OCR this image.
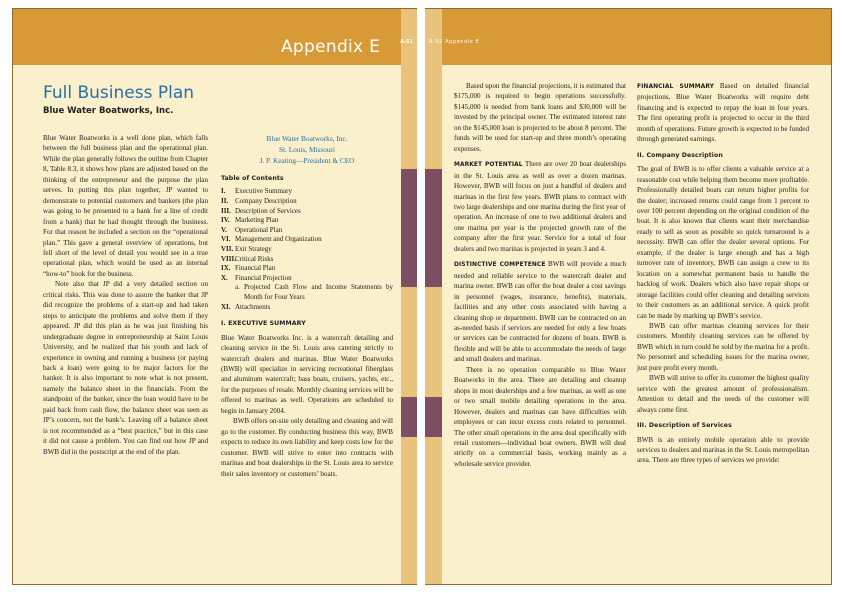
Appendix E	A-51
Full Business Plan
Blue Water Boatworks, Inc.

Blue Water Boatworks is a well done plan, which falls between the full business plan and the operational plan. While the plan generally follows the outline from Chapter 8, Table 8.3, it shows how plans are adjusted based on the thinking of the entrepreneur and the purpose the plan serves. In putting this plan together, JP wanted to demonstrate to potential customers and bankers (the plan was going to be presented to a bank for a line of credit from a bank) that he had thought through the business. For that reason he included a section on the “operational plan.” This gave a general overview of operations, but fell short of the level of detail you would see in a true operational plan, which would be used as an internal “how-to” book for the business.

Note also that JP did a very detailed section on critical risks. This was done to assure the banker that JP did recognize the problems of a start-up and had taken steps to anticipate the problems and solve them if they appeared. JP did this plan as he was just finishing his undergraduate degree in entrepreneurship at Saint Louis University, and he realized that his youth and lack of experience in owning and running a business (or paying back a loan) were going to be major factors for the banker. It is also important to note what is not present, namely the balance sheet in the financials. From the standpoint of the banker, since the loan would have to be paid back from cash flow, the balance sheet was seen as JP’s concern, not the bank’s. Leaving off a balance sheet is not recommended as a “best practice,” but in this case it did not cause a problem. You can find out how JP and BWB did in the postscript at the end of the plan.

Blue Water Boatworks, Inc.
St. Louis, Missouri
J. P. Keating—President & CEO
Table of Contents
I.	Executive Summary
II. Company Description
III. Description of Services
IV. Marketing Plan
V.	Operational Plan
VI. Management and Organization
VII. Exit Strategy
VIII. Critical Risks
IX. Financial Plan
X.	Financial Projection
a. Projected Cash Flow and Income Statements by Month for Four Years
XI. Attachments
I. EXECUTIVE SUMMARY

Blue Water Boatworks Inc. is a watercraft detailing and cleaning service in the St. Louis area catering strictly to watercraft dealers and marinas. Blue Water Boatworks (BWB) will specialize in servicing recreational fiberglass and aluminum watercraft; bass boats, cruisers, yachts, etc., for the purposes of resale. Monthly cleaning services will be offered to marinas as well. Operations are scheduled to begin in January 2004.

BWB offers on-site only detailing and cleaning and will go to the customer. By conducting business this way, BWB expects to reduce its own liability and keep costs low for the customer. BWB will strive to enter into contracts with marinas and boat dealerships in the St. Louis area to service their sales inventory or customers’ boats.

A-52 Appendix E

Based upon the financial projections, it is estimated that $175,000 is required to begin operations successfully. $145,000 is needed from bank loans and $30,000 will be invested by the principal owner. The estimated interest rate on the $145,000 loan is projected to be about 8 percent. The funds will be used for start-up and three month’s operating expenses.

MARKET POTENTIAL There are over 20 boat dealerships in the St. Louis area as well as over a dozen marinas. However, BWB will focus on just a handful of dealers and marinas in the first few years. BWB plans to contract with two large dealerships and one marina during the first year of operation. An increase of one to two additional dealers and one marina per year is the projected growth rate of the company after the first year. Service for a total of four dealers and two marinas is projected in years 3 and 4.

DISTINCTIVE COMPETENCE BWB will provide a much needed and reliable service to the watercraft dealer and marina owner. BWB can offer the boat dealer a cost savings in personnel (wages, insurance, benefits), materials, facilities and any other costs associated with having a cleaning shop or department. BWB can be contracted on an as-needed basis if services are needed for only a few boats or services can be contracted for dozens of boats. BWB is flexible and will be able to accommodate the needs of large and small dealers and marinas.

There is no operation comparable to Blue Water Boatworks in the area. There are detailing and cleanup shops in most dealerships and a few marinas, as well as one or two small mobile detailing operations in the area. However, dealers and marinas can have difficulties with employees or can incur excess costs related to personnel. The other small operations in the area deal specifically with retail customers—individual boat owners. BWB will deal strictly on a commercial basis, working mainly as a wholesale service provider.

FINANCIAL SUMMARY Based on detailed financial projections, Blue Water Boatworks will require debt financing and is expected to repay the loan in four years. The first operating profit is projected to occur in the third month of operations. Future growth is expected to be funded through generated earnings.

II. Company Description

The goal of BWB is to offer clients a valuable service at a reasonable cost while helping them become more profitable. Professionally detailed boats can return higher profits for the dealer; increased returns could range from 1 percent to over 100 percent depending on the original condition of the boat. It is also known that clients want their merchandise ready to sell as soon as possible so quick turnaround is a necessity. BWB can offer the dealer several options. For example, if the dealer is large enough and has a high turnover rate of inventory, BWB can assign a crew to its location on a somewhat permanent basis to handle the backlog of work. Dealers which also have repair shops or storage facilities could offer cleaning and detailing services to their customers as an additional service. A quick profit can be made by marking up BWB’s service.

BWB can offer marinas cleaning services for their customers. Monthly cleaning services can be offered by BWB which in turn could be sold by the marina for a profit. No personnel and scheduling issues for the marina owner, just pure profit every month.

BWB will strive to offer its customer the highest quality service with the greatest amount of professionalism. Attention to detail and the needs of the customer will always come first.

III. Description of Services

BWB is an entirely mobile operation able to provide services to dealers and marinas in the St. Louis metropolitan area. There are three types of services we provide:
